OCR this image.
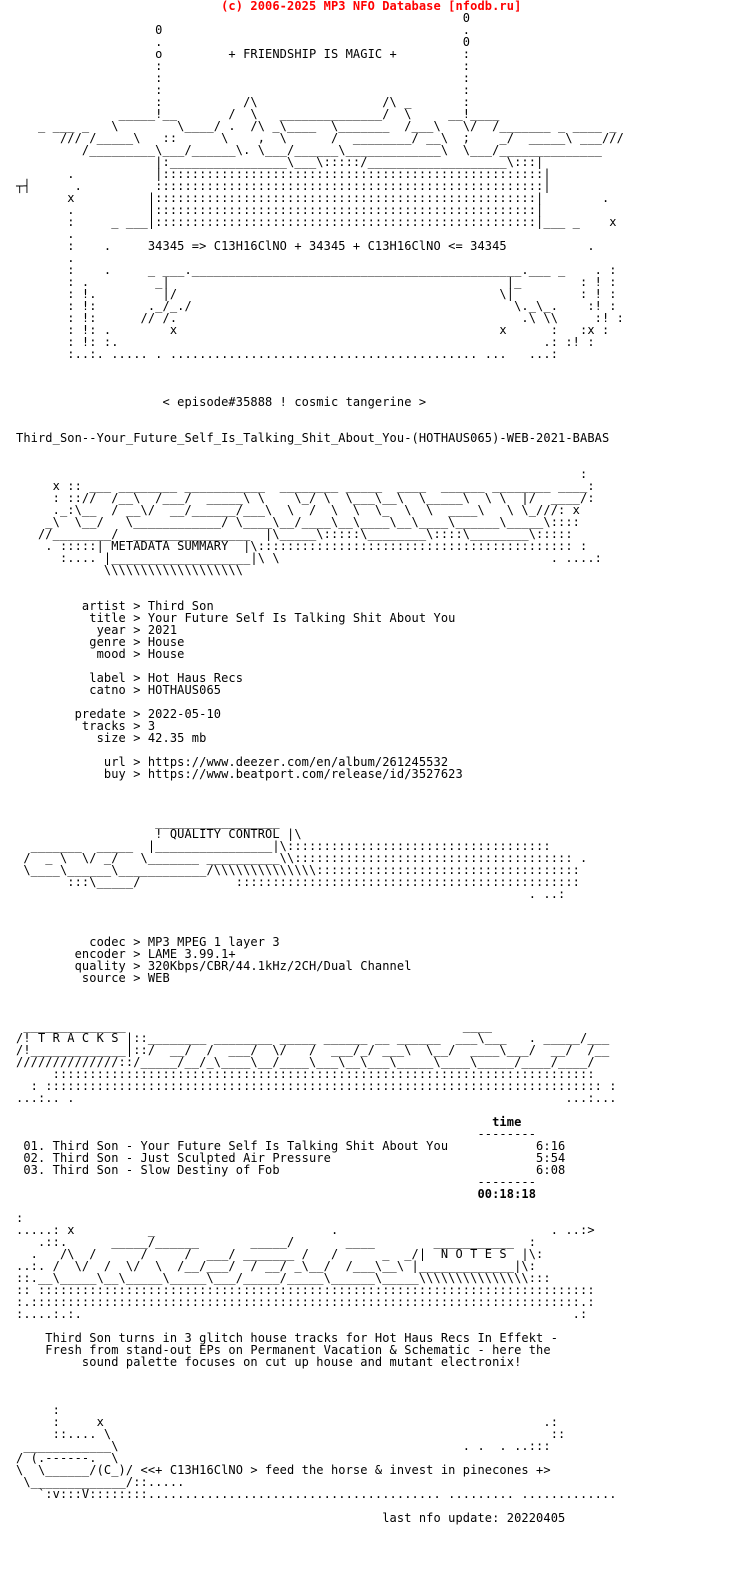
(c) 2006-2025 MP3 NFO Database [nfodb.ru]
0
0                                         .
.                                         0
o         + FRIENDSHIP IS MAGIC +         :
:                                         :
:                                         :
:                                         :
:           /\                 /\ _       :
_____!__       /  \   ______________/  \     __!____
_ ___ _   \        \____/ .  /\ _\____  \_______  /___\   \/  /_______ _ ____ _
/// /_____\   ::      \    ,  \      /  ________/ __\  ;    _/  _____\ ___///
/_________\___/______\. \___/______\_____________\  \___/______________
|:________________\___\:::::/___________________\:::|
.           |::::::::::::::::::::::::::::::::::::::::::::::::::::|
┬┤      .          :::::::::::::::::::::::::::::::::::::::::::::::::::::|
x          |::::::::::::::::::::::::::::::::::::::::::::::::::::|        .
.          |::::::::::::::::::::::::::::::::::::::::::::::::::::|
:     _ ___|::::::::::::::::::::::::::::::::::::::::::::::::::::|___ _    x
.
:    .     34345 => C13H16ClNO + 34345 + C13H16ClNO <= 34345           .
.
:    .     _ ___._____________________________________________.___ _    . :
: .         _|                                              |_        : ! :
: !.         |/                                            \|         : ! :
: !:       ._/_./                                            \._\_.    :! :
: !:      // /.                                               .\ \\     :! :
: !: .        x                                            x      :   :x :
: !: :.                                                          .: :! :
:..:. ..... . .......................................... ...   ...:
< episode#35888 ! cosmic tangerine >
Third_Son--Your_Future_Self_Is_Talking_Shit_About_You-(HOTHAUS065)-WEB-2021-BABAS
:
x :: ___ ________ ___________  ________ _____  ____  ______ ________ ____:
: :://  /__\  /___/  _____\ \    \_/ \  \___\__\  \_____\  \ \  |/  ____/:
._:\__  / __\/  __/______/___\  \  /  \  \  \_  \  \  ____\   \ \_///: x
_\  \__/   \____________/ \____\__/____\__\____\__\____\______\_____\::::
//________/  ________________  |\_____\:::::\________\::::\________\:::::
. :::::| METADATA SUMMARY  |\::::::::::::::::::::::::::::::::::::::::::: :
:.... |___________________|\ \                                     . ....:
\\\\\\\\\\\\\\\\\\\
artist > Third Son
title > Your Future Self Is Talking Shit About You
year > 2021
genre > House
mood > House
label > Hot Haus Recs
catno > HOTHAUS065
predate > 2022-05-10
tracks > 3
size > 42.35 mb
url > https://www.deezer.com/en/album/261245532
buy > https://www.beatport.com/release/id/3527623
_________________
! QUALITY CONTROL |\
_______  _____  |________________|\::::::::::::::::::::::::::::::::::::
/  _ \  \/ _/   \_______ __________\\:::::::::::::::::::::::::::::::::::::: .
\____\______\____________/\\\\\\\\\\\\\\::::::::::::::::::::::::::::::::::::
:::\_____/             :::::::::::::::::::::::::::::::::::::::::::::::
. ..:
codec > MP3 MPEG 1 layer 3
encoder > LAME 3.99.1+
quality > 320Kbps/CBR/44.1kHz/2CH/Dual Channel
source > WEB
______________                                              ____
/! T R A C K S |::________ ________ _____ ______ __ ______  ___\___   . _____/___
/!_____________|::/  __/  /  ___/  \/   /  ___/_/ ___\  \__/  ____\___/  __/  /__
//////////////::/_____/__/_\____\__/____\___\__\___\_____\____\_____/____/____/
::::::::::::::::::::::::::::::::::::::::::::::::::::::::::::::::::::::::::
: :::::::::::::::::::::::::::::::::::::::::::::::::::::::::::::::::::::::::::: :
...:.. .                                                                   ...:...
time
--------
01. Third Son - Your Future Self Is Talking Shit About You            6:16
02. Third Son - Just Sculpted Air Pressure                            5:54
03. Third Son - Slow Destiny of Fob                                   6:08
--------
00:18:18
:
.....: x          _                        .                             . ..:>
.::.      _____/______       _____/       ____        ___________  :
.   /\  /      /     /  ___/ _______ /   /      _  _/|  N O T E S  |\:
..:. /  \/  /  \/  \  /__/___/  / __/ _\__/  /___\__\ |_____________|\:
::.__\_____\__\_____\_____\___/_____/_____\______\_____\\\\\\\\\\\\\\\:::
:: ::::::::::::::::::::::::::::::::::::::::::::::::::::::::::::::::::::::::::::
:.:::::::::::::::::::::::::::::::::::::::::::::::::::::::::::::::::::::::::::.:
:....:.:.                                                                   .:
Third Son turns in 3 glitch house tracks for Hot Haus Recs In Effekt -
Fresh from stand-out EPs on Permanent Vacation & Schematic - here the
sound palette focuses on cut up house and mutant electronix!
:
:     x                                                            .:
::.... \                                                            ::
____________\                                               . .  . ..:::
/ (.------.  \
\  \______/(C_)/ <<+ C13H16ClNO > feed the horse & invest in pinecones +>
\_____________/::.....
`:v:::V::::::::........................................ ......... .............
last nfo update: 20220405
